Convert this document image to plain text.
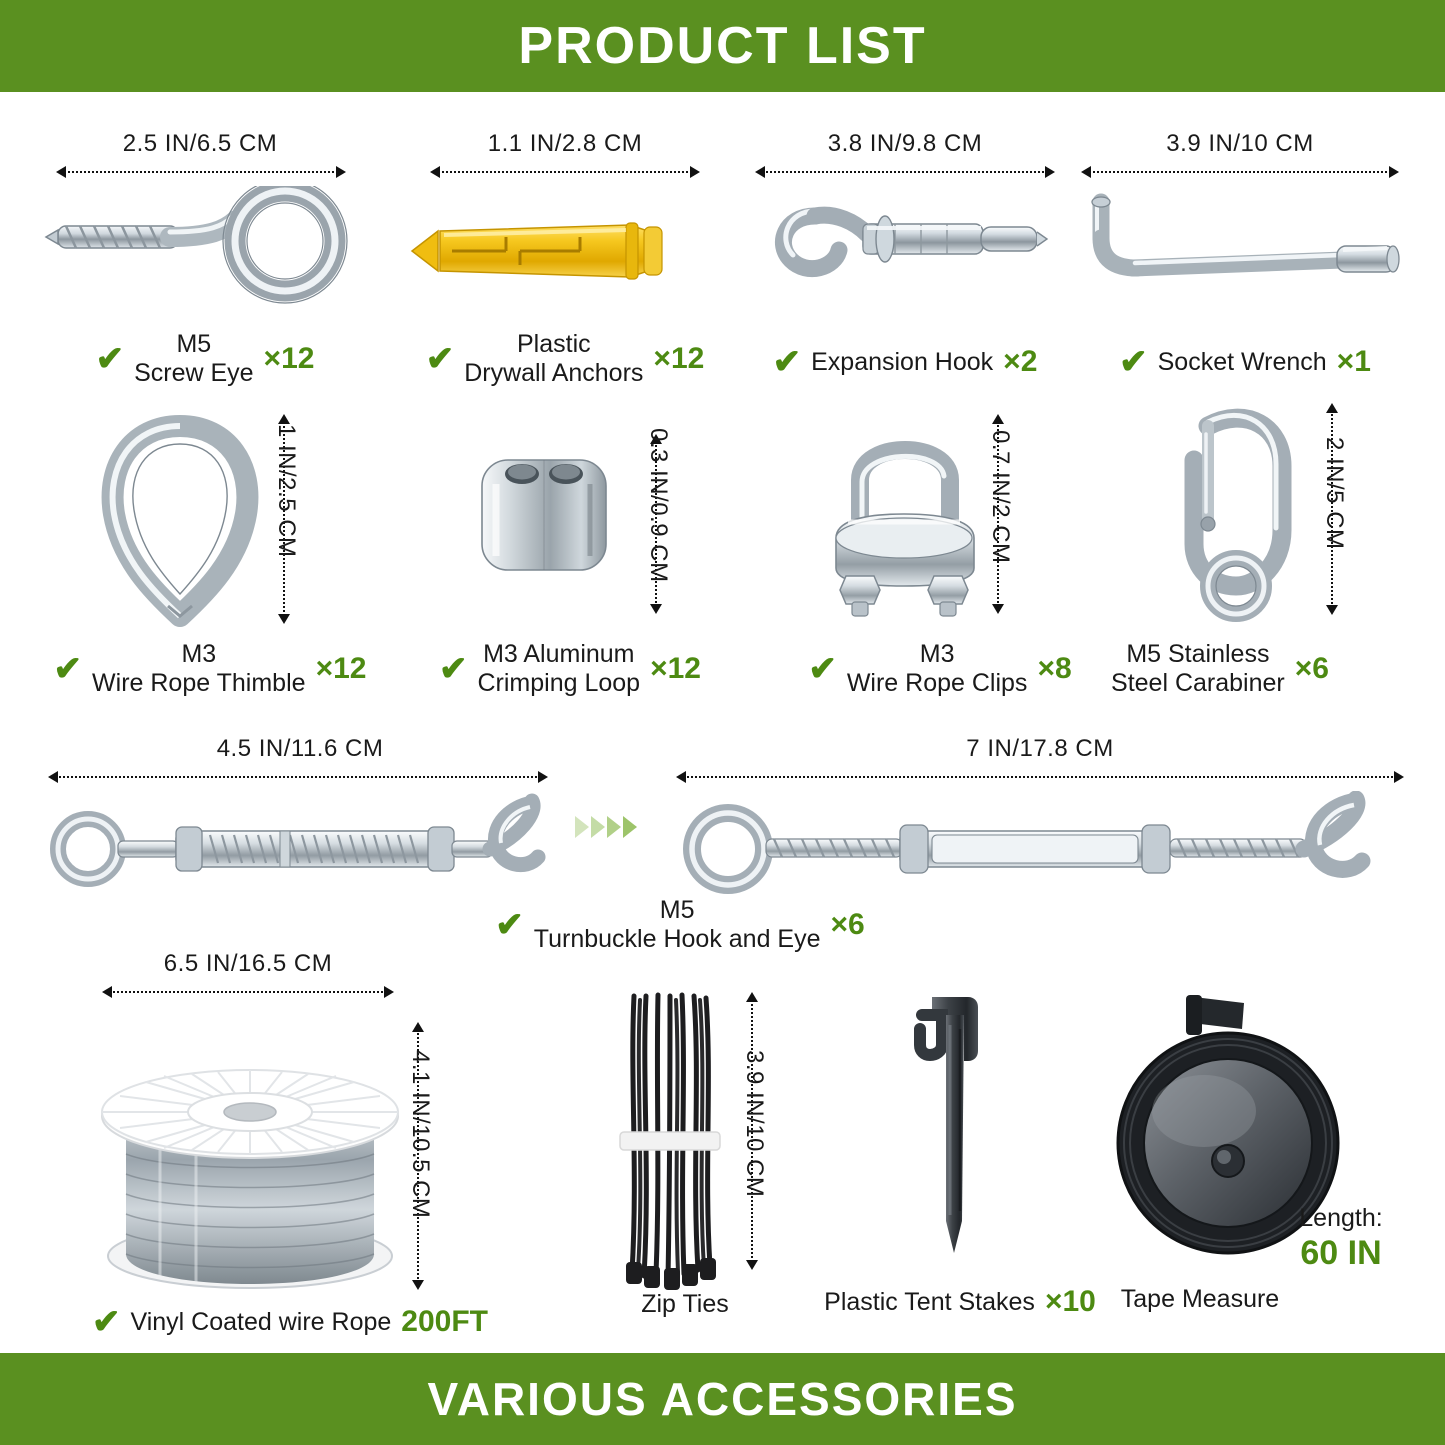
PRODUCT LIST
2.5 IN/6.5 CM
✔	M5
Screw Eye ×12
1.1 IN/2.8 CM
✔	Plastic
Drywall Anchors ×12
3.8 IN/9.8 CM
✔ Expansion Hook ×2
3.9 IN/10 CM
✔ Socket Wrench ×1
1 IN/2.5 CM
✔	M3
Wire Rope Thimble ×12
0.3 IN/0.9 CM
✔ M3 Aluminum
Crimping Loop ×12
0.7 IN/2 CM
✔	M3
Wire Rope Clips ×8
2 IN/5 CM
M5 Stainless
Steel Carabiner ×6
4.5 IN/11.6 CM	7 IN/17.8 CM
✔	M5
Turnbuckle Hook and Eye ×6
6.5 IN/16.5 CM
4.1 IN/10.5 CM
✔ Vinyl Coated wire Rope 200FT
3.9 IN/10 CM
Zip Ties	Plastic Tent Stakes ×10
Length:
60 IN
Tape Measure
VARIOUS ACCESSORIES
